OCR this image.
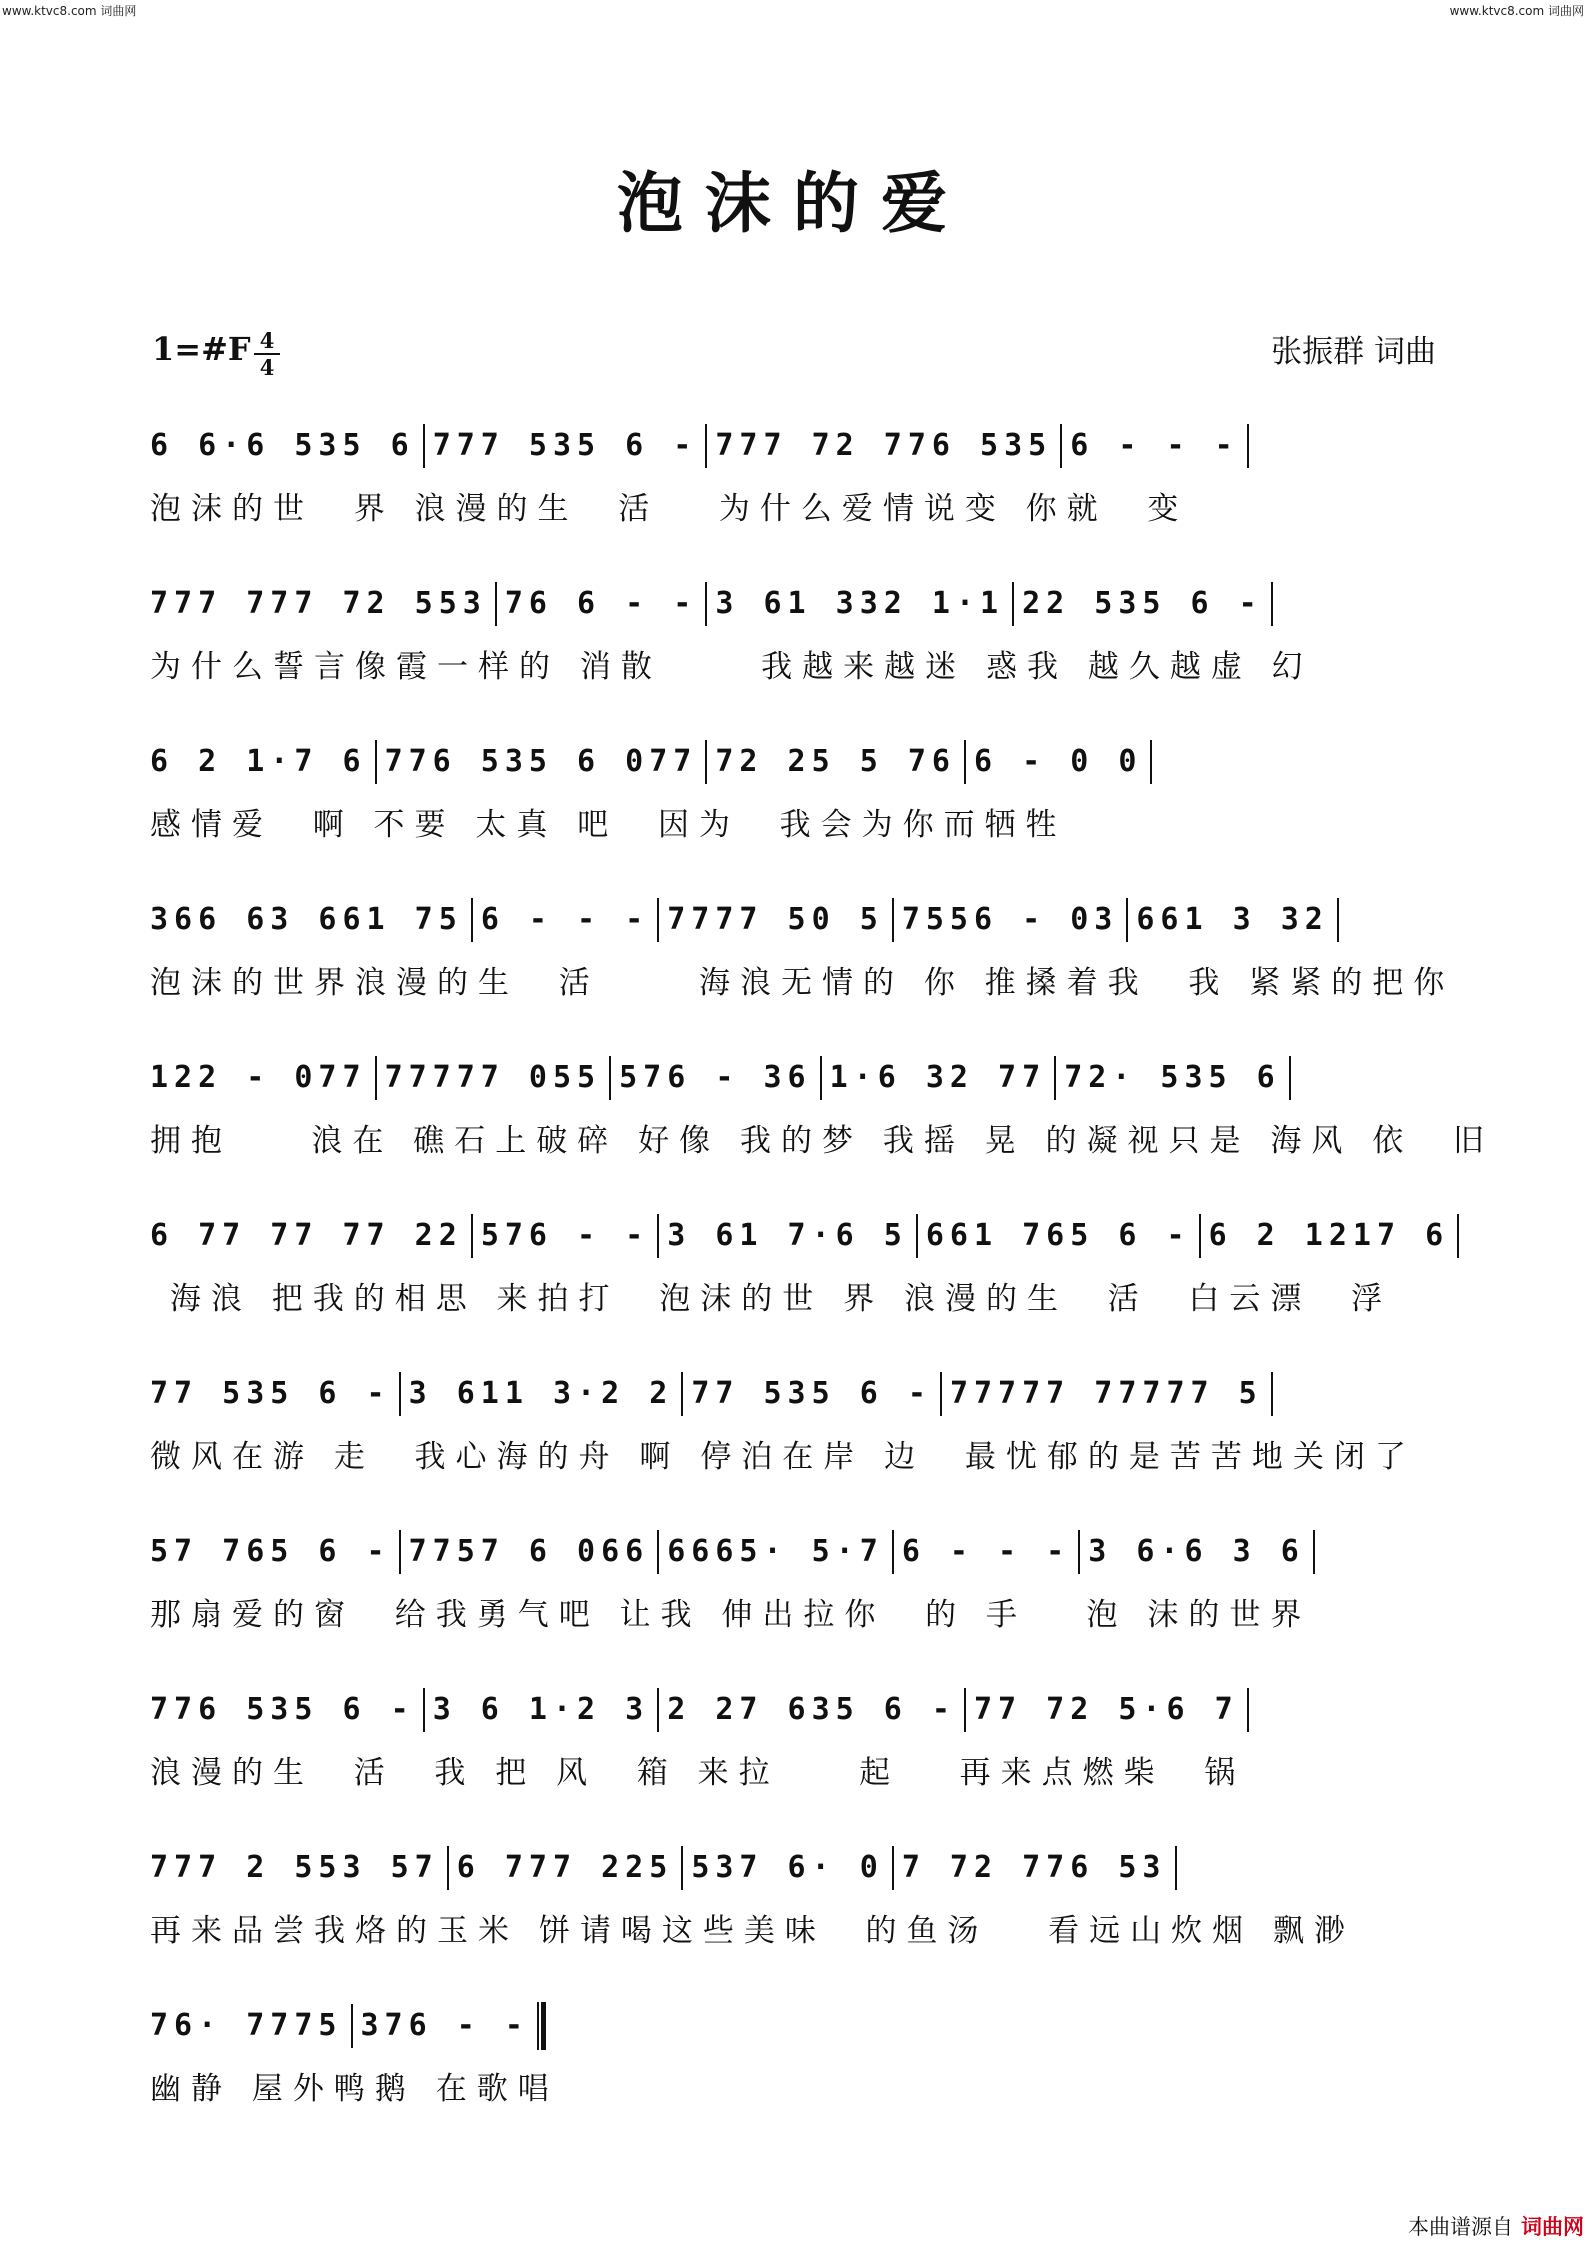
www.ktvc8.com 词曲网	www.ktvc8.com 词曲网
泡沫的爱
1=#F 4
4	张振群 词曲
6 6·6 535 6 777 535 6 - 777 72 776 535 6 - - -
泡沫的世  界 浪漫的生  活   为什么爱情说变 你就  变
777 777 72 553 76 6 - - 3 61 332 1·1 22 535 6 -
为什么誓言像霞一样的 消散     我越来越迷 惑我 越久越虚 幻
6 2 1·7 6 776 535 6 077 72 25 5 76 6 - 0 0
感情爱  啊 不要 太真 吧  因为  我会为你而牺牲
366 63 661 75 6 - - - 7777 50 5 7556 - 03 661 3 32
泡沫的世界浪漫的生  活     海浪无情的 你 推搡着我  我 紧紧的把你
122 - 077 77777 055 576 - 36 1·6 32 77 72· 535 6
拥抱    浪在 礁石上破碎 好像 我的梦 我摇 晃 的凝视只是 海风 依  旧
6 77 77 77 22 576 - - 3 61 7·6 5 661 765 6 - 6 2 1217 6
海浪 把我的相思 来拍打  泡沫的世 界 浪漫的生  活  白云漂  浮
77 535 6 - 3 611 3·2 2 77 535 6 - 77777 77777 5
微风在游 走  我心海的舟 啊 停泊在岸 边  最忧郁的是苦苦地关闭了
57 765 6 - 7757 6 066 6665· 5·7 6 - - - 3 6·6 3 6
那扇爱的窗  给我勇气吧 让我 伸出拉你  的 手   泡 沫的世界
776 535 6 - 3 6 1·2 3 2 27 635 6 - 77 72 5·6 7
浪漫的生  活  我 把 风  箱 来拉    起   再来点燃柴  锅
777 2 553 57 6 777 225 537 6· 0 7 72 776 53
再来品尝我烙的玉米 饼请喝这些美味  的鱼汤   看远山炊烟 飘渺
76· 7775 376 - -
幽静 屋外鸭鹅 在歌唱
本曲谱源自 词曲网
